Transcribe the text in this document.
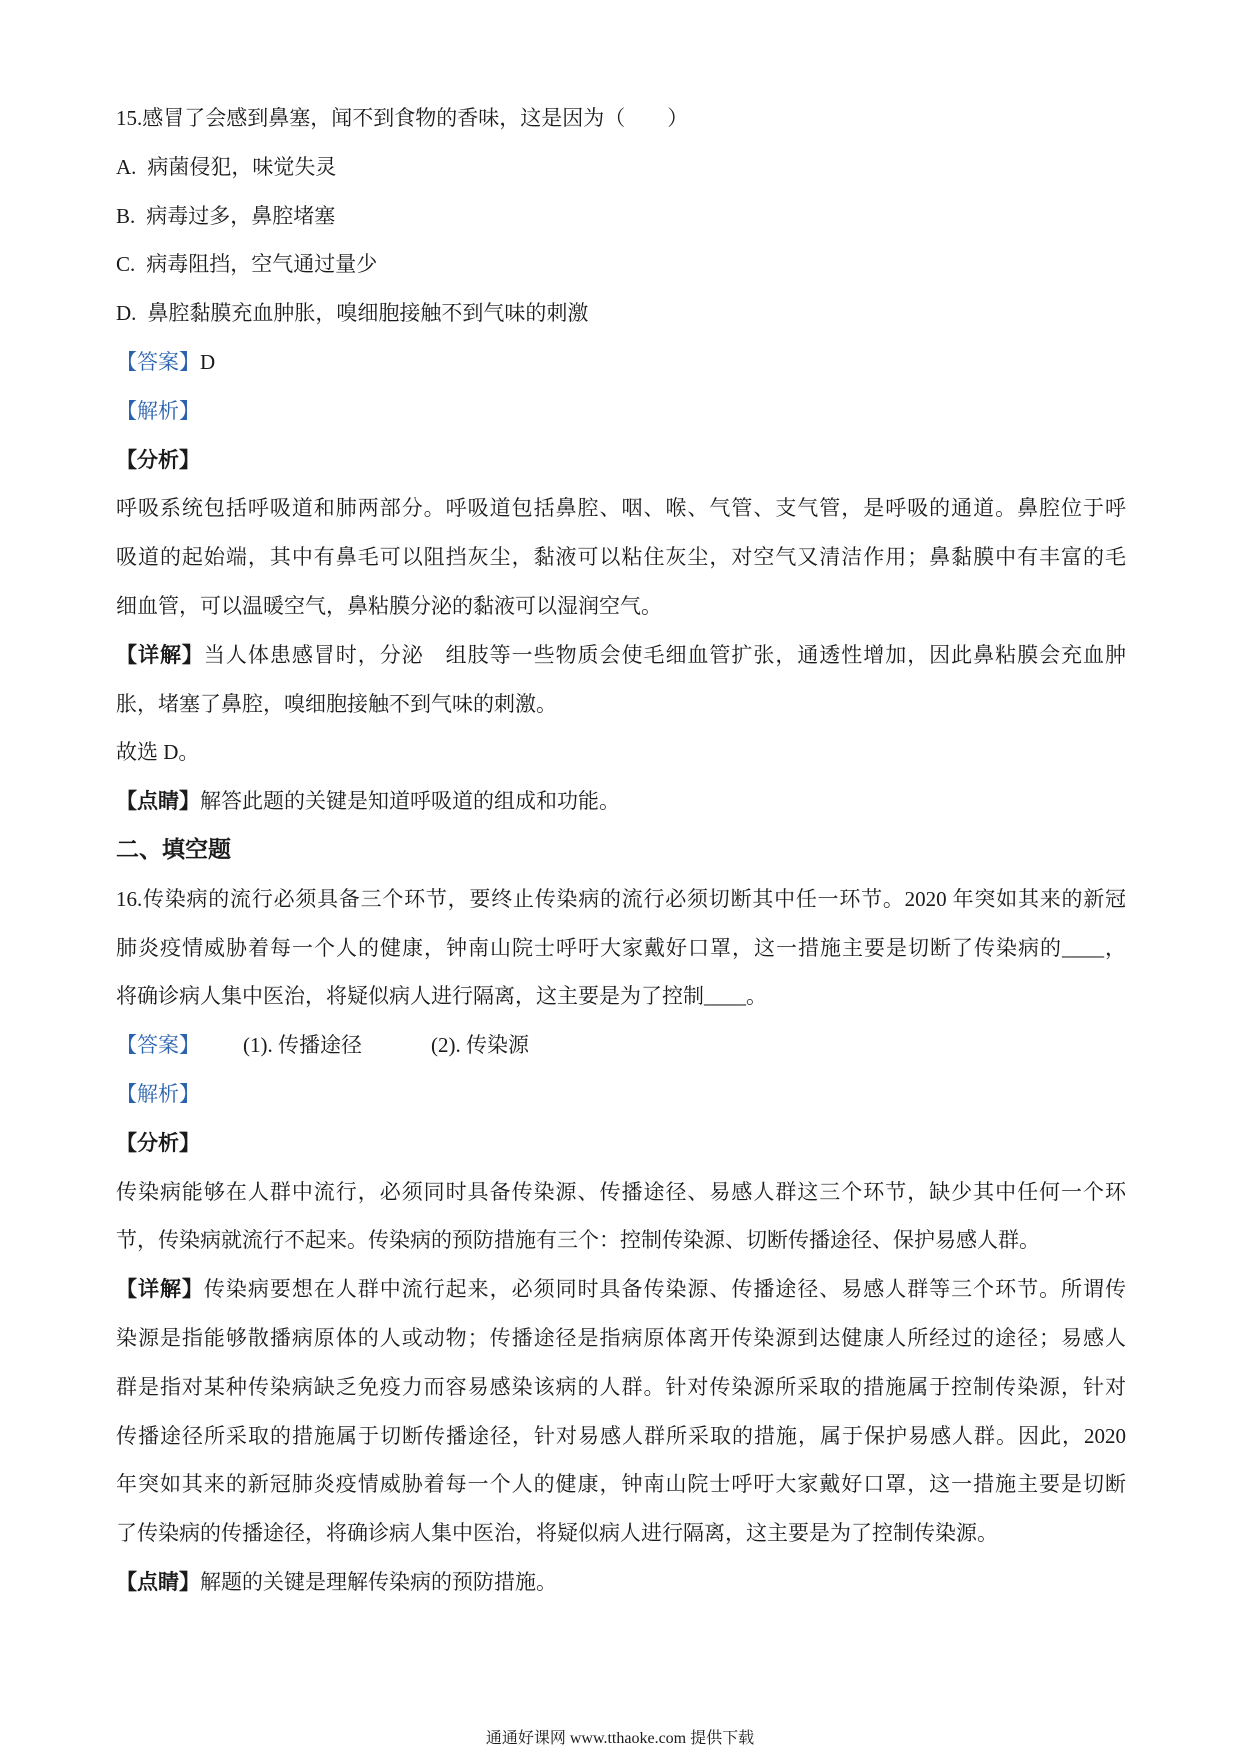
15.感冒了会感到鼻塞，闻不到食物的香味，这是因为（　　）
A. 病菌侵犯，味觉失灵
B. 病毒过多，鼻腔堵塞
C. 病毒阻挡，空气通过量少
D. 鼻腔黏膜充血肿胀，嗅细胞接触不到气味的刺激
【答案】D
【解析】
【分析】
呼吸系统包括呼吸道和肺两部分。呼吸道包括鼻腔、咽、喉、气管、支气管，是呼吸的通道。鼻腔位于呼
吸道的起始端，其中有鼻毛可以阻挡灰尘，黏液可以粘住灰尘，对空气又清洁作用；鼻黏膜中有丰富的毛
细血管，可以温暖空气，鼻粘膜分泌的黏液可以湿润空气。
【详解】当人体患感冒时，分泌　组肢等一些物质会使毛细血管扩张，通透性增加，因此鼻粘膜会充血肿
胀，堵塞了鼻腔，嗅细胞接触不到气味的刺激。
故选 D。
【点睛】解答此题的关键是知道呼吸道的组成和功能。
二、填空题
16.传染病的流行必须具备三个环节，要终止传染病的流行必须切断其中任一环节。2020 年突如其来的新冠
肺炎疫情威胁着每一个人的健康，钟南山院士呼吁大家戴好口罩，这一措施主要是切断了传染病的____，
将确诊病人集中医治，将疑似病人进行隔离，这主要是为了控制____。
【答案】 (1). 传播途径	(2). 传染源
【解析】
【分析】
传染病能够在人群中流行，必须同时具备传染源、传播途径、易感人群这三个环节，缺少其中任何一个环
节，传染病就流行不起来。传染病的预防措施有三个：控制传染源、切断传播途径、保护易感人群。
【详解】传染病要想在人群中流行起来，必须同时具备传染源、传播途径、易感人群等三个环节。所谓传
染源是指能够散播病原体的人或动物；传播途径是指病原体离开传染源到达健康人所经过的途径；易感人
群是指对某种传染病缺乏免疫力而容易感染该病的人群。针对传染源所采取的措施属于控制传染源，针对
传播途径所采取的措施属于切断传播途径，针对易感人群所采取的措施，属于保护易感人群。因此，2020
年突如其来的新冠肺炎疫情威胁着每一个人的健康，钟南山院士呼吁大家戴好口罩，这一措施主要是切断
了传染病的传播途径，将确诊病人集中医治，将疑似病人进行隔离，这主要是为了控制传染源。
【点睛】解题的关键是理解传染病的预防措施。
通通好课网 www.tthaoke.com 提供下载
